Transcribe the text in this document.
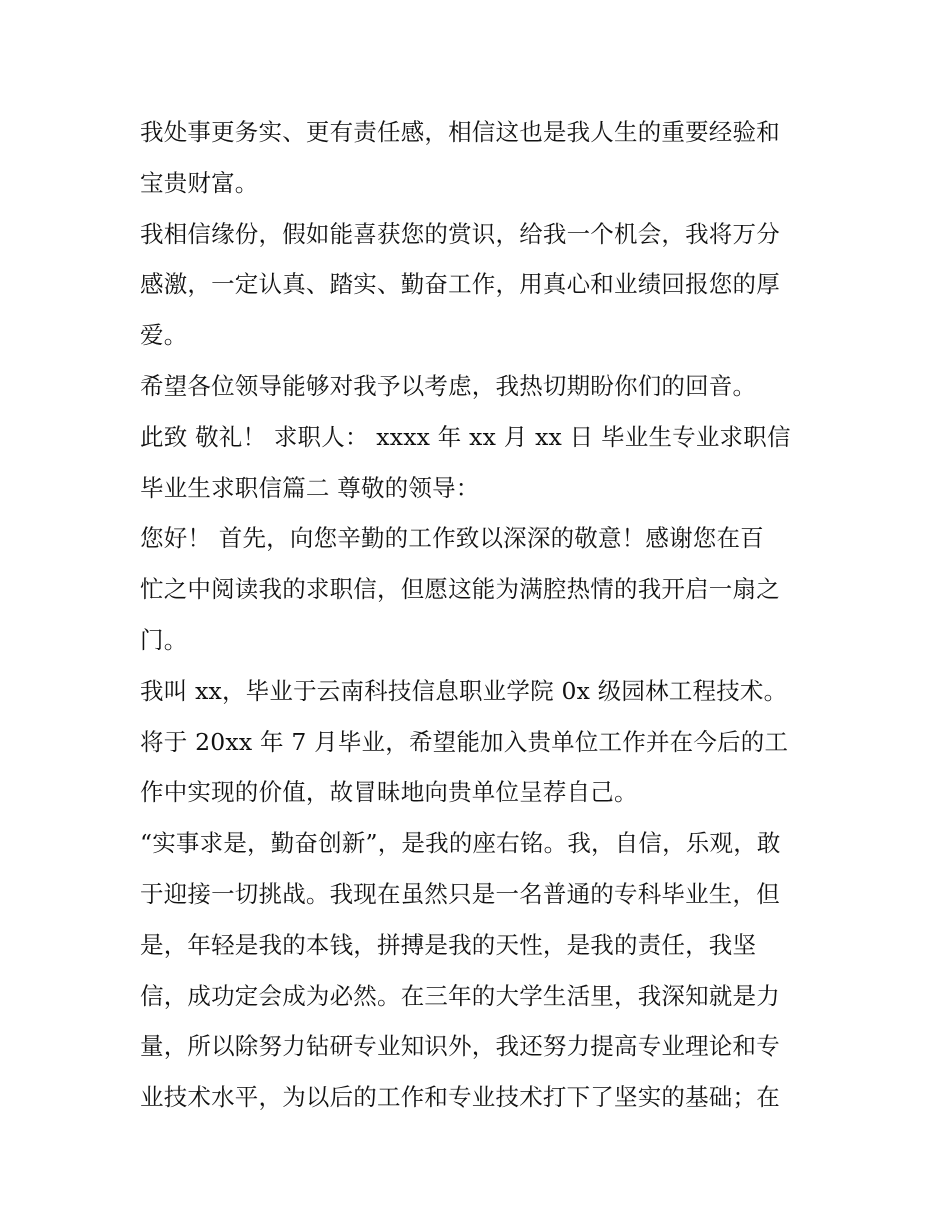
我处事更务实、更有责任感，相信这也是我人生的重要经验和
宝贵财富。
我相信缘份，假如能喜获您的赏识，给我一个机会，我将万分
感激，一定认真、踏实、勤奋工作，用真心和业绩回报您的厚
爱。
希望各位领导能够对我予以考虑，我热切期盼你们的回音。
此致 敬礼！ 求职人： xxxx 年 xx 月 xx 日 毕业生专业求职信
毕业生求职信篇二 尊敬的领导：
您好！ 首先，向您辛勤的工作致以深深的敬意！感谢您在百
忙之中阅读我的求职信，但愿这能为满腔热情的我开启一扇之
门。
我叫 xx，毕业于云南科技信息职业学院 0x 级园林工程技术。
将于 20xx 年 7 月毕业，希望能加入贵单位工作并在今后的工
作中实现的价值，故冒昧地向贵单位呈荐自己。
“实事求是，勤奋创新”，是我的座右铭。我，自信，乐观，敢
于迎接一切挑战。我现在虽然只是一名普通的专科毕业生，但
是，年轻是我的本钱，拼搏是我的天性，是我的责任，我坚
信，成功定会成为必然。在三年的大学生活里，我深知就是力
量，所以除努力钻研专业知识外，我还努力提高专业理论和专
业技术水平，为以后的工作和专业技术打下了坚实的基础；在
